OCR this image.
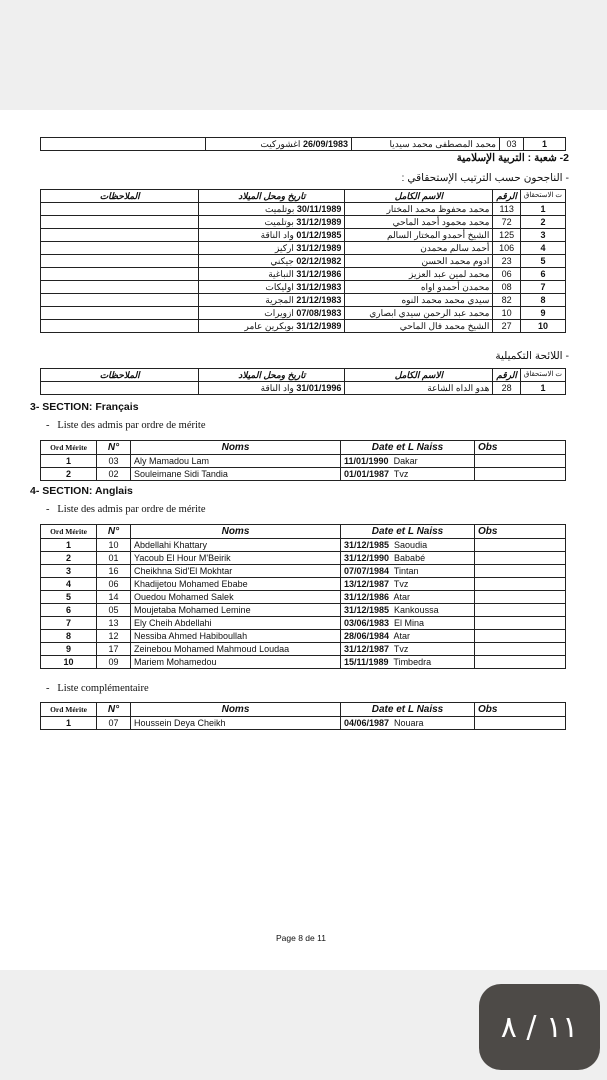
1	03	محمد المصطفى محمد سيديا	26/09/1983 اغشوركيت	
2- شعبة : التربية الإسلامية
- الناجحون حسب الترتيب الإستحقاقي :
ت الاستحقاق	الرقم	الاسم الكامل	تاريخ ومحل الميلاد	الملاحظات
1	113	محمد محفوظ محمد المختار	30/11/1989 بوتلميت	
2	72	محمد محمود أحمد الماحي	31/12/1989 بوتلميت	
3	125	الشيخ أحمدو المختار السالم	01/12/1985 واد الناقة	
4	106	أحمد سالم محمدن	31/12/1989 اركيز	
5	23	ادوم محمد الحسن	02/12/1982 جيكني	
6	06	محمد لمين عبد العزيز	31/12/1986 النباغية	
7	08	محمدن أحمدو اواه	31/12/1983 اوليكات	
8	82	سيدي محمد محمد النوه	21/12/1983 المجرية	
9	10	محمد عبد الرحمن سيدي ابصاري	07/08/1983 ازويرات	
10	27	الشيخ محمد فال الماحي	31/12/1989 بوبكرين عامر	
- اللائحة التكميلية
ت الاستحقاق	الرقم	الاسم الكامل	تاريخ ومحل الميلاد	الملاحظات
1	28	هدو الداه الشاعة	31/01/1996 واد الناقة	
3- SECTION: Français
-   Liste des admis par ordre de mérite
Ord Mérite	N°	Noms	Date et L Naiss	Obs
1	03	Aly Mamadou Lam	11/01/1990  Dakar	
2	02	Souleimane Sidi Tandia	01/01/1987  Tvz	
4- SECTION: Anglais
-   Liste des admis par ordre de mérite
Ord Mérite	N°	Noms	Date et L Naiss	Obs
1	10	Abdellahi Khattary	31/12/1985  Saoudia	
2	01	Yacoub El Hour M'Beirik	31/12/1990  Bababé	
3	16	Cheikhna Sid'El Mokhtar	07/07/1984  Tintan	
4	06	Khadijetou Mohamed Ebabe	13/12/1987  Tvz	
5	14	Ouedou Mohamed Salek	31/12/1986  Atar	
6	05	Moujetaba Mohamed Lemine	31/12/1985  Kankoussa	
7	13	Ely Cheih Abdellahi	03/06/1983  El Mina	
8	12	Nessiba Ahmed Habiboullah	28/06/1984  Atar	
9	17	Zeinebou Mohamed Mahmoud Loudaa	31/12/1987  Tvz	
10	09	Mariem Mohamedou	15/11/1989  Timbedra	
-   Liste complémentaire
Ord Mérite	N°	Noms	Date et L Naiss	Obs
1	07	Houssein Deya Cheikh	04/06/1987  Nouara	
Page 8 de 11
١١ / ٨
